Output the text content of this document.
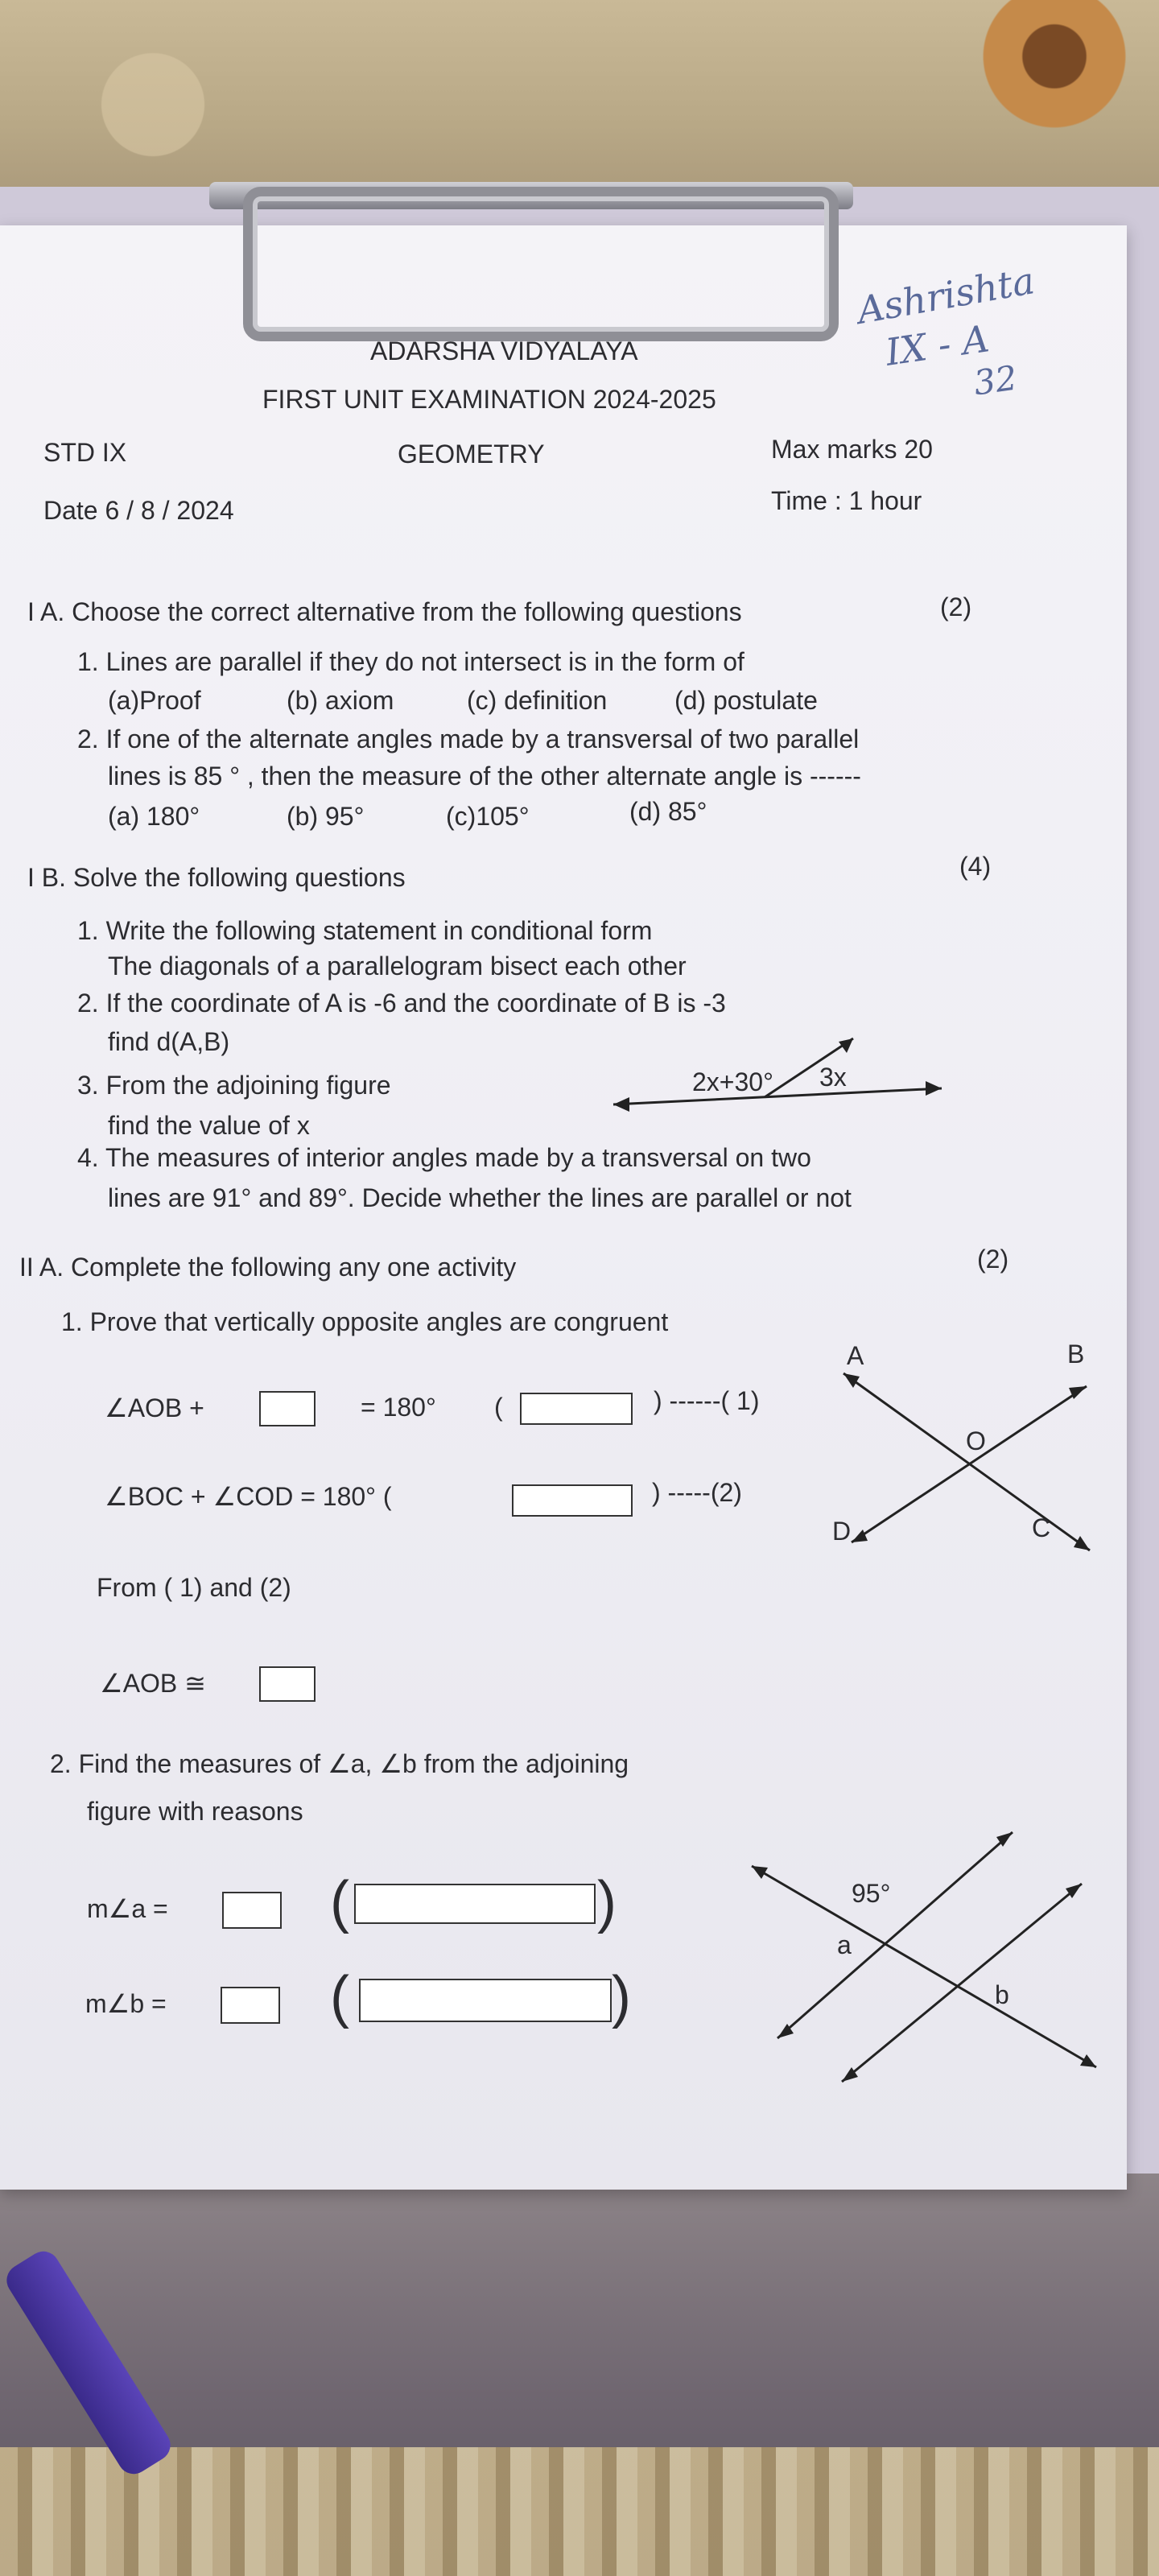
ADARSHA VIDYALAYA
FIRST UNIT EXAMINATION 2024-2025
STD IX	GEOMETRY	Max marks 20
Date 6 / 8 / 2024	Time : 1 hour
Ashrishta
IX - A
32
I A. Choose the correct alternative from the following questions	(2)
1. Lines are parallel if they do not intersect is in the form of
(a)Proof	(b) axiom	(c) definition	(d) postulate
2. If one of the alternate angles made by a transversal of two parallel
lines is 85 ° , then the measure of the other alternate angle is ------
(a) 180°	(b) 95°	(c)105°	(d) 85°
I B. Solve the following questions	(4)
1. Write the following statement in conditional form
The diagonals of a parallelogram bisect each other
2. If the coordinate of A is -6 and the coordinate of B is -3
find d(A,B)
3. From the adjoining figure
find the value of x
2x+30° 3x
4. The measures of interior angles made by a transversal on two
lines are 91° and 89°. Decide whether the lines are parallel or not
II A. Complete the following any one activity	(2)
1. Prove that vertically opposite angles are congruent
∠AOB +	= 180° (	) ------( 1)
∠BOC + ∠COD = 180° (	) -----(2)
From ( 1) and (2)
∠AOB ≅
A	B
O
D	C
2. Find the measures of ∠a, ∠b from the adjoining
figure with reasons
m∠a =	(	)
m∠b =	(	)
95°
a
b
